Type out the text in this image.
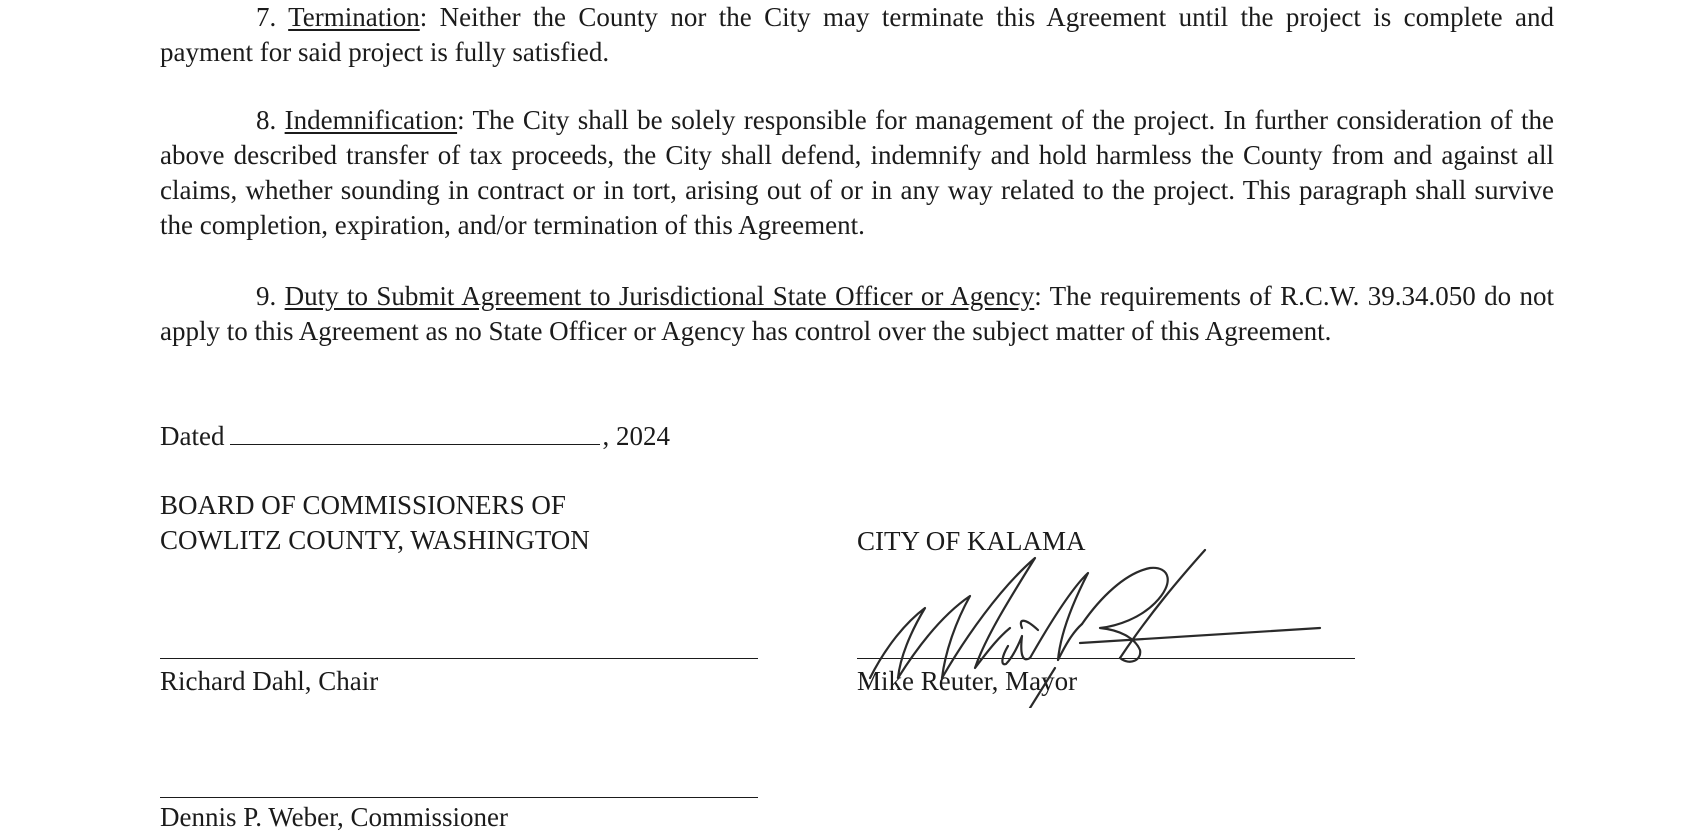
7. Termination: Neither the County nor the City may terminate this Agreement until the project is complete and payment for said project is fully satisfied.

8. Indemnification: The City shall be solely responsible for management of the project. In further consideration of the above described transfer of tax proceeds, the City shall defend, indemnify and hold harmless the County from and against all claims, whether sounding in contract or in tort, arising out of or in any way related to the project. This paragraph shall survive the completion, expiration, and/or termination of this Agreement.

9. Duty to Submit Agreement to Jurisdictional State Officer or Agency: The requirements of R.C.W. 39.34.050 do not apply to this Agreement as no State Officer or Agency has control over the subject matter of this Agreement.

Dated	, 2024
BOARD OF COMMISSIONERS OF
COWLITZ COUNTY, WASHINGTON	CITY OF KALAMA
Richard Dahl, Chair	Mike Reuter, Mayor
Dennis P. Weber, Commissioner
